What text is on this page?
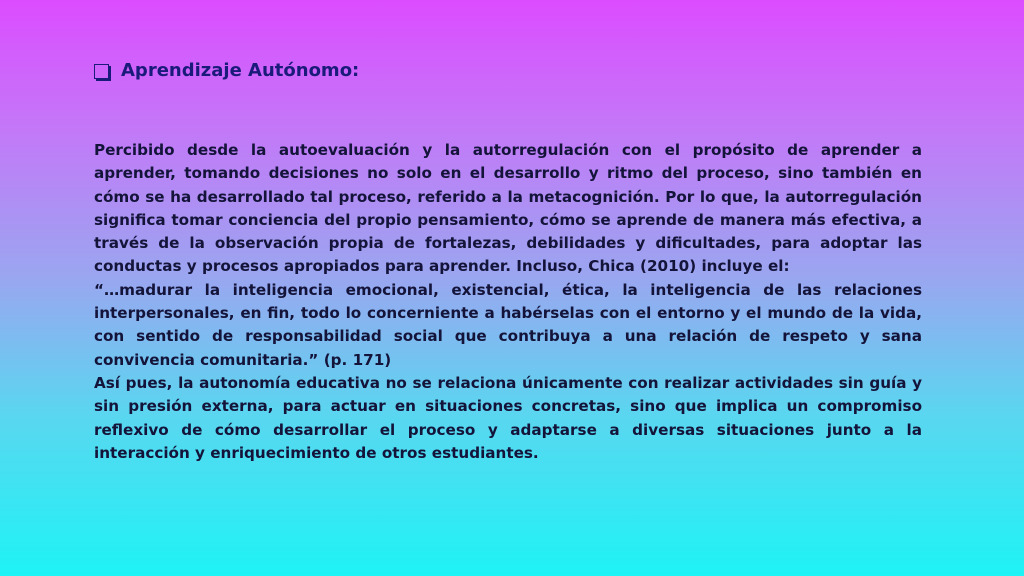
Aprendizaje Autónomo:

Percibido desde la autoevaluación y la autorregulación con el propósito de aprender a aprender, tomando decisiones no solo en el desarrollo y ritmo del proceso, sino también en cómo se ha desarrollado tal proceso, referido a la metacognición. Por lo que, la autorregulación significa tomar conciencia del propio pensamiento, cómo se aprende de manera más efectiva, a través de la observación propia de fortalezas, debilidades y dificultades, para adoptar las conductas y procesos apropiados para aprender. Incluso, Chica (2010) incluye el:

“…madurar la inteligencia emocional, existencial, ética, la inteligencia de las relaciones interpersonales, en fin, todo lo concerniente a habérselas con el entorno y el mundo de la vida, con sentido de responsabilidad social que contribuya a una relación de respeto y sana convivencia comunitaria.” (p. 171)

Así pues, la autonomía educativa no se relaciona únicamente con realizar actividades sin guía y sin presión externa, para actuar en situaciones concretas, sino que implica un compromiso reflexivo de cómo desarrollar el proceso y adaptarse a diversas situaciones junto a la interacción y enriquecimiento de otros estudiantes.
